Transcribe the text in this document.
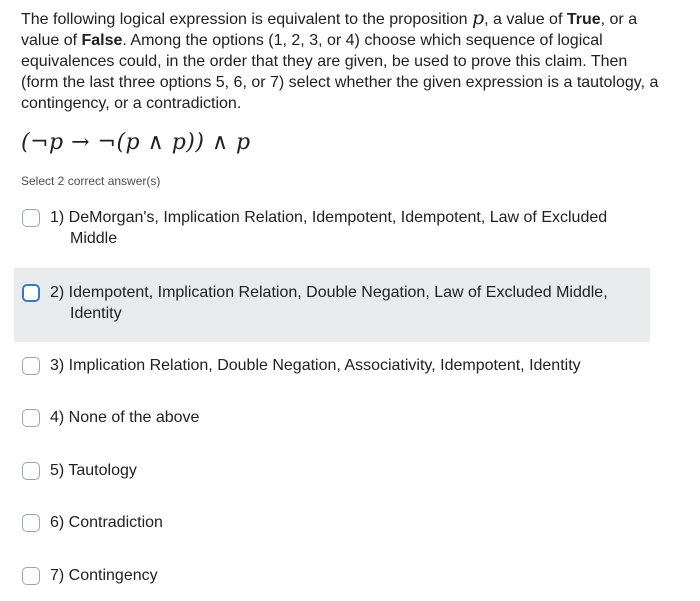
The following logical expression is equivalent to the proposition p, a value of True, or a value of False. Among the options (1, 2, 3, or 4) choose which sequence of logical equivalences could, in the order that they are given, be used to prove this claim. Then (form the last three options 5, 6, or 7) select whether the given expression is a tautology, a contingency, or a contradiction.
(¬p → ¬(p ∧ p)) ∧ p
Select 2 correct answer(s)
1) DeMorgan's, Implication Relation, Idempotent, Idempotent, Law of Excluded
Middle
2) Idempotent, Implication Relation, Double Negation, Law of Excluded Middle,
Identity
3) Implication Relation, Double Negation, Associativity, Idempotent, Identity
4) None of the above
5) Tautology
6) Contradiction
7) Contingency
